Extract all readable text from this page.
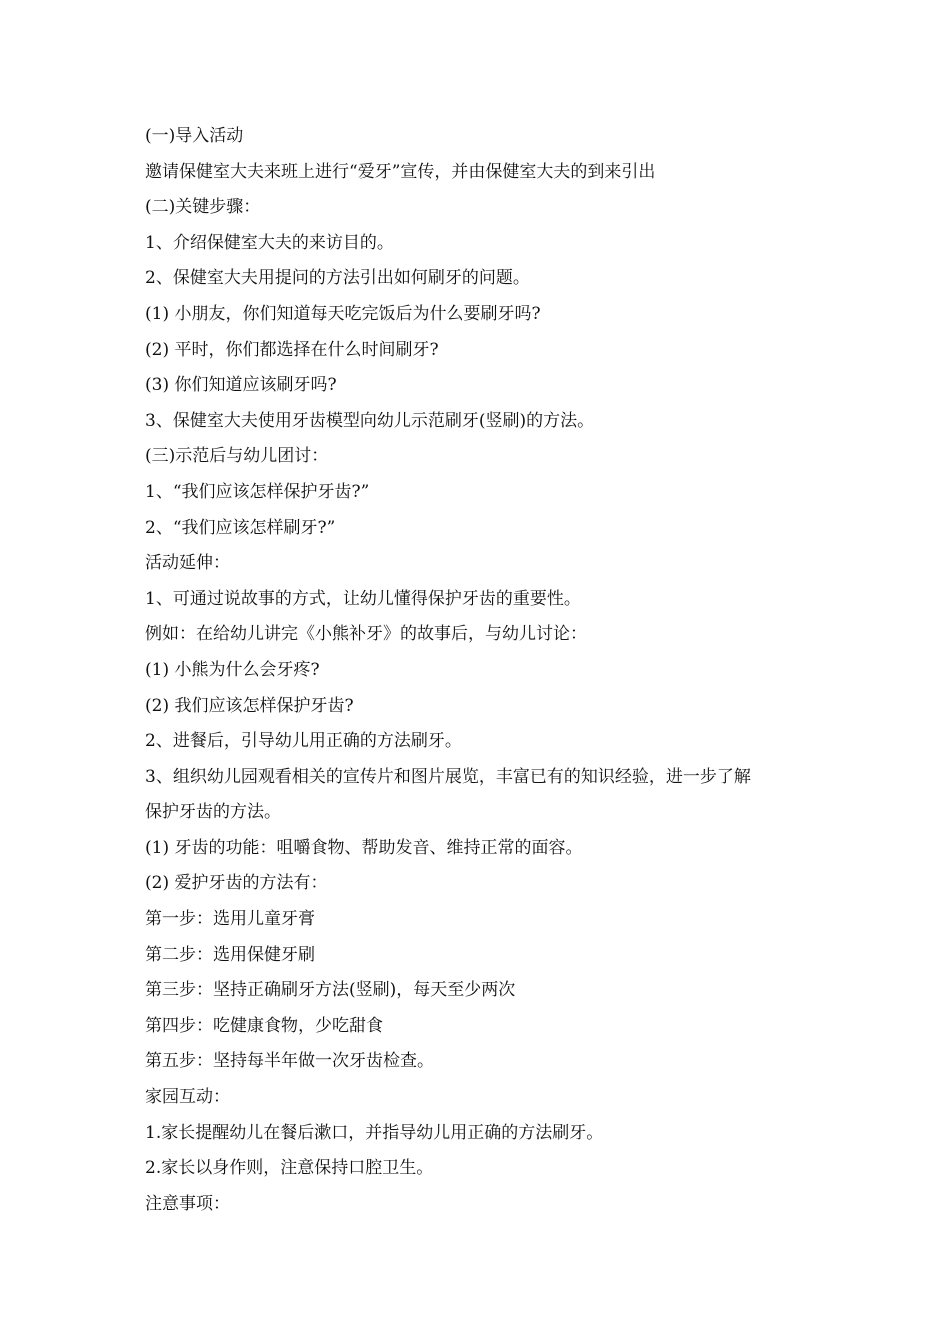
(一)导入活动
邀请保健室大夫来班上进行“爱牙”宣传，并由保健室大夫的到来引出
(二)关键步骤：
1、介绍保健室大夫的来访目的。
2、保健室大夫用提问的方法引出如何刷牙的问题。
(1) 小朋友，你们知道每天吃完饭后为什么要刷牙吗?
(2) 平时，你们都选择在什么时间刷牙?
(3) 你们知道应该刷牙吗?
3、保健室大夫使用牙齿模型向幼儿示范刷牙(竖刷)的方法。
(三)示范后与幼儿团讨：
1、“我们应该怎样保护牙齿?”
2、“我们应该怎样刷牙?”
活动延伸：
1、可通过说故事的方式，让幼儿懂得保护牙齿的重要性。
例如：在给幼儿讲完《小熊补牙》的故事后，与幼儿讨论：
(1) 小熊为什么会牙疼?
(2) 我们应该怎样保护牙齿?
2、进餐后，引导幼儿用正确的方法刷牙。
3、组织幼儿园观看相关的宣传片和图片展览，丰富已有的知识经验，进一步了解
保护牙齿的方法。
(1) 牙齿的功能：咀嚼食物、帮助发音、维持正常的面容。
(2) 爱护牙齿的方法有：
第一步：选用儿童牙膏
第二步：选用保健牙刷
第三步：坚持正确刷牙方法(竖刷)，每天至少两次
第四步：吃健康食物，少吃甜食
第五步：坚持每半年做一次牙齿检查。
家园互动：
1.家长提醒幼儿在餐后漱口，并指导幼儿用正确的方法刷牙。
2.家长以身作则，注意保持口腔卫生。
注意事项：
